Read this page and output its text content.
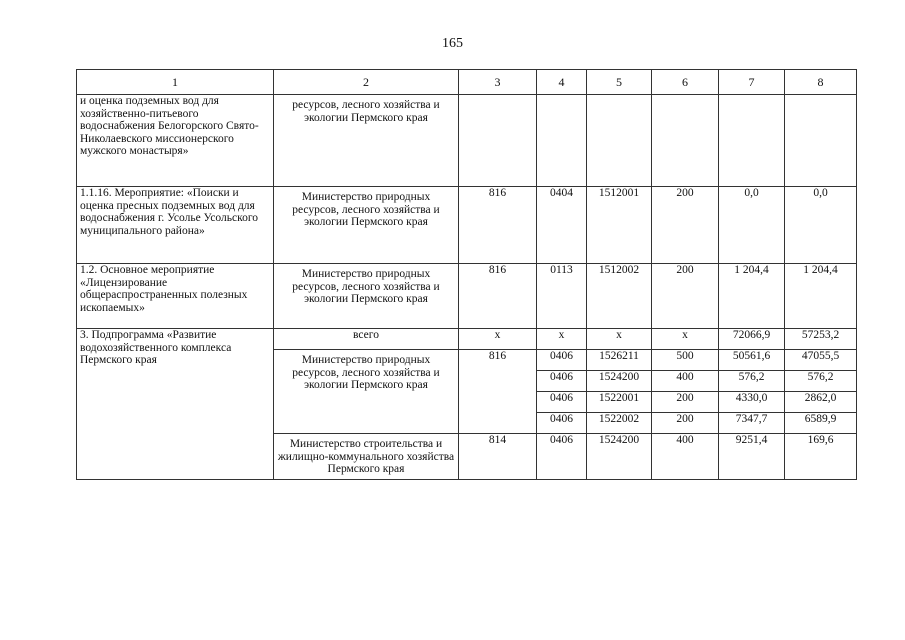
165
1	2	3	4	5	6	7	8
и оценка подземных вод для хозяйственно-питьевого водоснабжения Белогорского Свято-Николаевского миссионерского мужского монастыря»	ресурсов, лесного хозяйства и экологии Пермского края						
1.1.16. Мероприятие: «Поиски и оценка пресных подземных вод для водоснабжения г. Усолье Усольского муниципального района»	Министерство природных ресурсов, лесного хозяйства и экологии Пермского края	816	0404	1512001	200	0,0	0,0
1.2. Основное мероприятие «Лицензирование общераспространенных полезных ископаемых»	Министерство природных ресурсов, лесного хозяйства и экологии Пермского края	816	0113	1512002	200	1 204,4	1 204,4
3. Подпрограмма «Развитие водохозяйственного комплекса Пермского края	всего	х	х	х	х	72066,9	57253,2
	Министерство природных ресурсов, лесного хозяйства и экологии Пермского края	816	0406	1526211	500	50561,6	47055,5
			0406	1524200	400	576,2	576,2
			0406	1522001	200	4330,0	2862,0
			0406	1522002	200	7347,7	6589,9
	Министерство строительства и жилищно-коммунального хозяйства Пермского края	814	0406	1524200	400	9251,4	169,6
